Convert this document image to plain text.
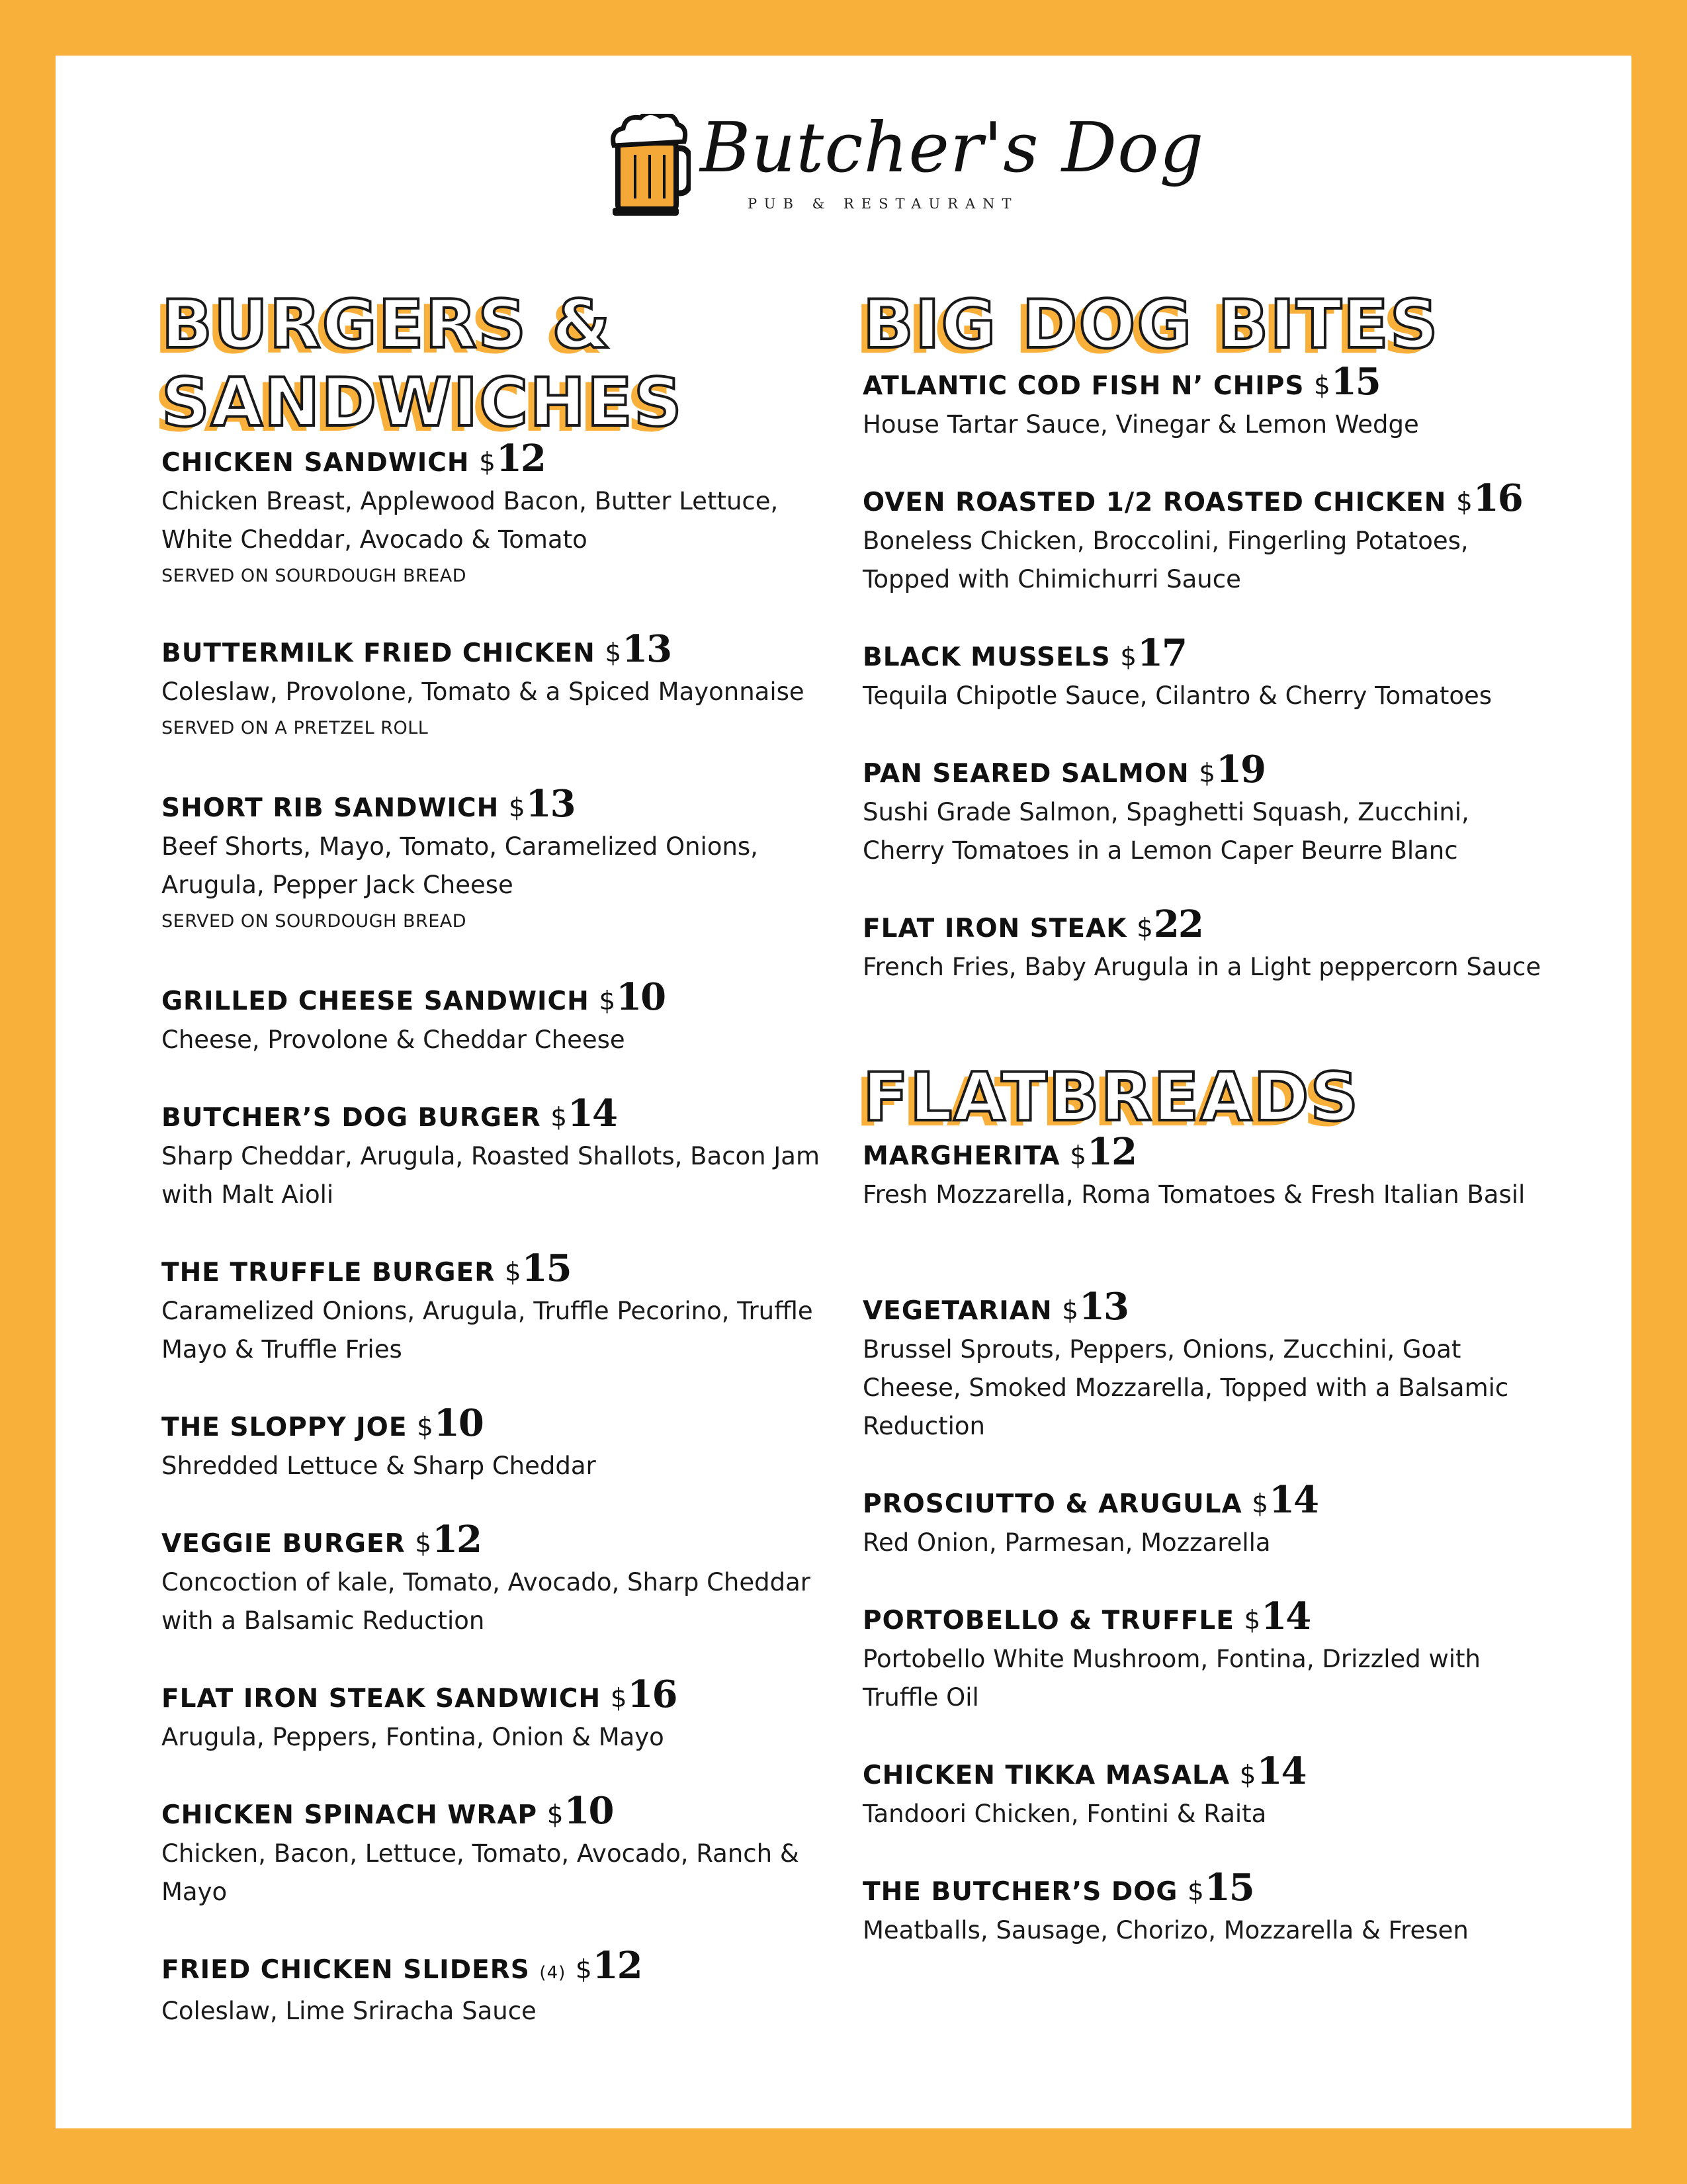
Butcher's Dog
PUB & RESTAURANT
BURGERS &
SANDWICHES
CHICKEN SANDWICH $12

Chicken Breast, Applewood Bacon, Butter Lettuce, White Cheddar, Avocado & Tomato

SERVED ON SOURDOUGH BREAD

BUTTERMILK FRIED CHICKEN $13

Coleslaw, Provolone, Tomato & a Spiced Mayonnaise

SERVED ON A PRETZEL ROLL

SHORT RIB SANDWICH $13

Beef Shorts, Mayo, Tomato, Caramelized Onions, Arugula, Pepper Jack Cheese

SERVED ON SOURDOUGH BREAD

GRILLED CHEESE SANDWICH $10

Cheese, Provolone & Cheddar Cheese

BUTCHER’S DOG BURGER $14

Sharp Cheddar, Arugula, Roasted Shallots, Bacon Jam with Malt Aioli

THE TRUFFLE BURGER $15

Caramelized Onions, Arugula, Truffle Pecorino, Truffle Mayo & Truffle Fries

THE SLOPPY JOE $10

Shredded Lettuce & Sharp Cheddar

VEGGIE BURGER $12

Concoction of kale, Tomato, Avocado, Sharp Cheddar with a Balsamic Reduction

FLAT IRON STEAK SANDWICH $16

Arugula, Peppers, Fontina, Onion & Mayo

CHICKEN SPINACH WRAP $10

Chicken, Bacon, Lettuce, Tomato, Avocado, Ranch & Mayo

FRIED CHICKEN SLIDERS (4) $12

Coleslaw, Lime Sriracha Sauce

BIG DOG BITES
ATLANTIC COD FISH N’ CHIPS $15

House Tartar Sauce, Vinegar & Lemon Wedge

OVEN ROASTED 1/2 ROASTED CHICKEN $16

Boneless Chicken, Broccolini, Fingerling Potatoes, Topped with Chimichurri Sauce

BLACK MUSSELS $17

Tequila Chipotle Sauce, Cilantro & Cherry Tomatoes

PAN SEARED SALMON $19

Sushi Grade Salmon, Spaghetti Squash, Zucchini, Cherry Tomatoes in a Lemon Caper Beurre Blanc

FLAT IRON STEAK $22

French Fries, Baby Arugula in a Light peppercorn Sauce

FLATBREADS
MARGHERITA $12

Fresh Mozzarella, Roma Tomatoes & Fresh Italian Basil

VEGETARIAN $13

Brussel Sprouts, Peppers, Onions, Zucchini, Goat Cheese, Smoked Mozzarella, Topped with a Balsamic Reduction

PROSCIUTTO & ARUGULA $14

Red Onion, Parmesan, Mozzarella

PORTOBELLO & TRUFFLE $14

Portobello White Mushroom, Fontina, Drizzled with Truffle Oil

CHICKEN TIKKA MASALA $14

Tandoori Chicken, Fontini & Raita

THE BUTCHER’S DOG $15

Meatballs, Sausage, Chorizo, Mozzarella & Fresen
